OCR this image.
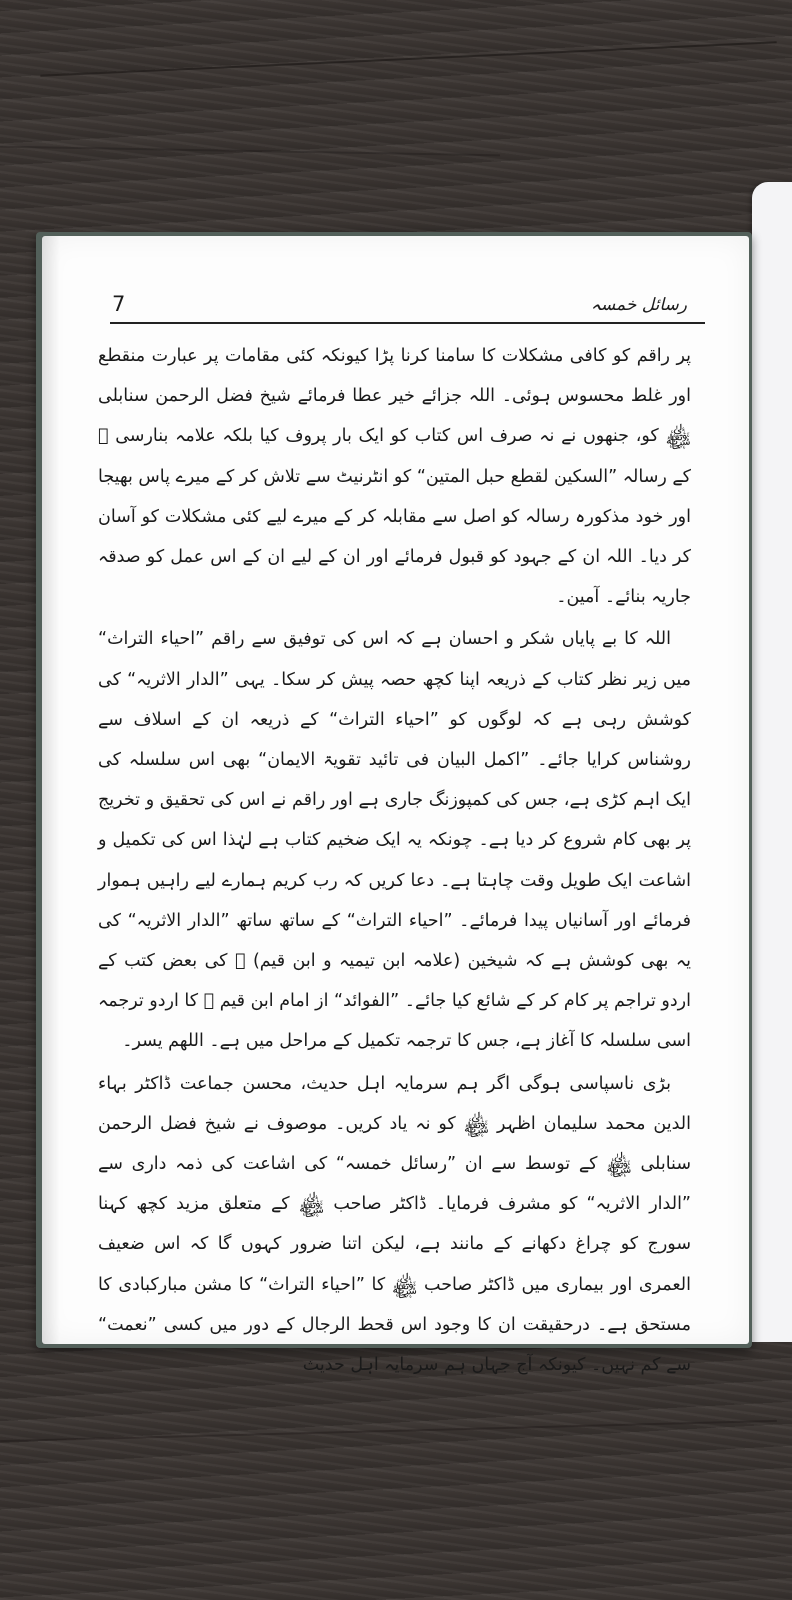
7	رسائل خمسہ

پر راقم کو کافی مشکلات کا سامنا کرنا پڑا کیونکہ کئی مقامات پر عبارت منقطع اور غلط محسوس ہوئی۔ اللہ جزائے خیر عطا فرمائے شیخ فضل الرحمن سنابلی ﷾ کو، جنھوں نے نہ صرف اس کتاب کو ایک بار پروف کیا بلکہ علامہ بنارسی ﷫ کے رسالہ ”السکین لقطع حبل المتین“ کو انٹرنیٹ سے تلاش کر کے میرے پاس بھیجا اور خود مذکورہ رسالہ کو اصل سے مقابلہ کر کے میرے لیے کئی مشکلات کو آسان کر دیا۔ اللہ ان کے جہود کو قبول فرمائے اور ان کے لیے ان کے اس عمل کو صدقہ جاریہ بنائے۔ آمین۔

اللہ کا بے پایاں شکر و احسان ہے کہ اس کی توفیق سے راقم ”احیاء التراث“ میں زیر نظر کتاب کے ذریعہ اپنا کچھ حصہ پیش کر سکا۔ یہی ”الدار الاثریہ“ کی کوشش رہی ہے کہ لوگوں کو ”احیاء التراث“ کے ذریعہ ان کے اسلاف سے روشناس کرایا جائے۔ ”اکمل البیان فی تائید تقویۃ الایمان“ بھی اس سلسلہ کی ایک اہم کڑی ہے، جس کی کمپوزنگ جاری ہے اور راقم نے اس کی تحقیق و تخریج پر بھی کام شروع کر دیا ہے۔ چونکہ یہ ایک ضخیم کتاب ہے لہٰذا اس کی تکمیل و اشاعت ایک طویل وقت چاہتا ہے۔ دعا کریں کہ رب کریم ہمارے لیے راہیں ہموار فرمائے اور آسانیاں پیدا فرمائے۔ ”احیاء التراث“ کے ساتھ ساتھ ”الدار الاثریہ“ کی یہ بھی کوشش ہے کہ شیخین (علامہ ابن تیمیہ و ابن قیم) ﷭ کی بعض کتب کے اردو تراجم پر کام کر کے شائع کیا جائے۔ ”الفوائد“ از امام ابن قیم ﷫ کا اردو ترجمہ اسی سلسلہ کا آغاز ہے، جس کا ترجمہ تکمیل کے مراحل میں ہے۔ اللھم یسر۔

بڑی ناسپاسی ہوگی اگر ہم سرمایہ اہل حدیث، محسن جماعت ڈاکٹر بہاء الدین محمد سلیمان اظہر ﷾ کو نہ یاد کریں۔ موصوف نے شیخ فضل الرحمن سنابلی ﷾ کے توسط سے ان ”رسائل خمسہ“ کی اشاعت کی ذمہ داری سے ”الدار الاثریہ“ کو مشرف فرمایا۔ ڈاکٹر صاحب ﷾ کے متعلق مزید کچھ کہنا سورج کو چراغ دکھانے کے مانند ہے، لیکن اتنا ضرور کہوں گا کہ اس ضعیف العمری اور بیماری میں ڈاکٹر صاحب ﷾ کا ”احیاء التراث“ کا مشن مبارکبادی کا مستحق ہے۔ درحقیقت ان کا وجود اس قحط الرجال کے دور میں کسی ”نعمت“ سے کم نہیں۔ کیونکہ آج جہاں ہم سرمایہ اہل حدیث
